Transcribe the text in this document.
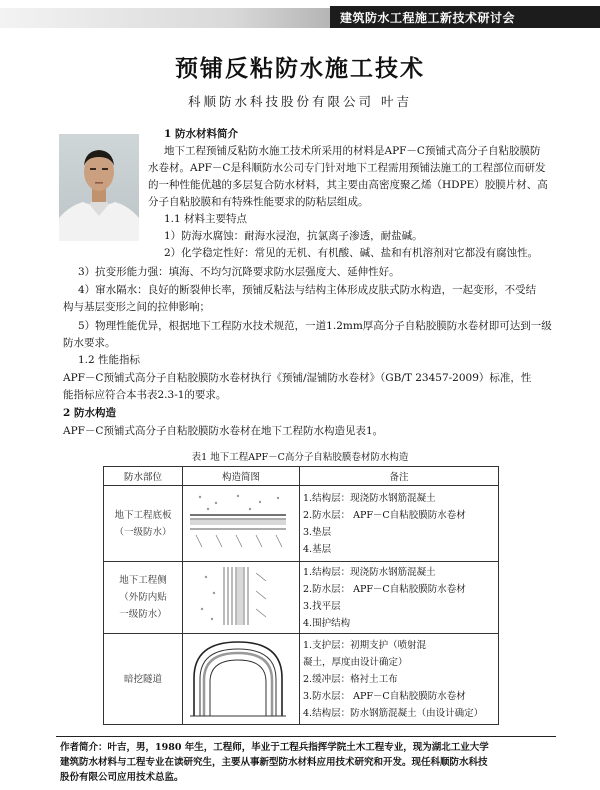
建筑防水工程施工新技术研讨会
预铺反粘防水施工技术
科顺防水科技股份有限公司 叶吉
1 防水材料简介
地下工程预铺反粘防水施工技术所采用的材料是APF－C预铺式高分子自粘胶膜防
水卷材。APF－C是科顺防水公司专门针对地下工程需用预铺法施工的工程部位而研发
的一种性能优越的多层复合防水材料，其主要由高密度聚乙烯（HDPE）胶膜片材、高
分子自粘胶膜和有特殊性能要求的防粘层组成。
1.1 材料主要特点
1）防海水腐蚀：耐海水浸泡，抗氯离子渗透，耐盐碱。
2）化学稳定性好：常见的无机、有机酸、碱、盐和有机溶剂对它都没有腐蚀性。
3）抗变形能力强：填海、不均匀沉降要求防水层强度大、延伸性好。
4）窜水隔水：良好的断裂伸长率，预铺反粘法与结构主体形成皮肤式防水构造，一起变形，不受结
构与基层变形之间的拉伸影响；
5）物理性能优异，根据地下工程防水技术规范，一道1.2mm厚高分子自粘胶膜防水卷材即可达到一级
防水要求。
1.2 性能指标
APF－C预铺式高分子自粘胶膜防水卷材执行《预铺/湿铺防水卷材》（GB/T 23457-2009）标准，性
能指标应符合本书表2.3-1的要求。
2 防水构造
APF－C预铺式高分子自粘胶膜防水卷材在地下工程防水构造见表1。
表1 地下工程APF－C高分子自粘胶膜卷材防水构造
防水部位	构造简图	备注

地下工程底板
（一级防水）		1.结构层：现浇防水钢筋混凝土
2.防水层： APF－C自粘胶膜防水卷材
3.垫层
4.基层

地下工程侧
（外防内贴
一级防水）		1.结构层：现浇防水钢筋混凝土
2.防水层： APF－C自粘胶膜防水卷材
3.找平层
4.围护结构

暗挖隧道		1.支护层：初期支护（喷射混
凝土，厚度由设计确定）
2.缓冲层：格衬土工布
3.防水层： APF－C自粘胶膜防水卷材
4.结构层：防水钢筋混凝土（由设计确定）
作者简介：叶吉，男，1980 年生，工程师，毕业于工程兵指挥学院土木工程专业，现为湖北工业大学
建筑防水材料与工程专业在读研究生，主要从事新型防水材料应用技术研究和开发。现任科顺防水科技
股份有限公司应用技术总监。
